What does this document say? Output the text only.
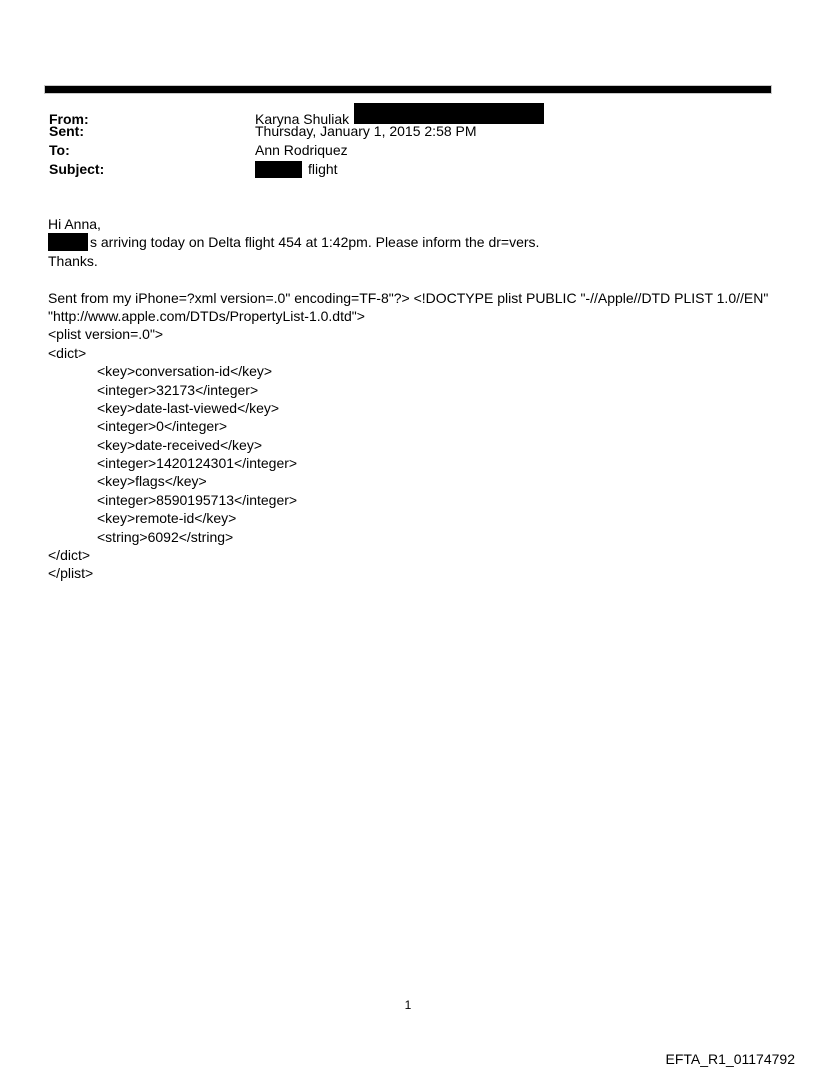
From:	Karyna Shuliak
Sent:	Thursday, January 1, 2015 2:58 PM
To:	Ann Rodriquez
Subject:	flight
Hi Anna,
s arriving today on Delta flight 454 at 1:42pm. Please inform the dr=vers.
Thanks.
Sent from my iPhone=?xml version=.0" encoding=TF-8"?> <!DOCTYPE plist PUBLIC "-//Apple//DTD PLIST 1.0//EN"
"http://www.apple.com/DTDs/PropertyList-1.0.dtd">
<plist version=.0">
<dict>
<key>conversation-id</key>
<integer>32173</integer>
<key>date-last-viewed</key>
<integer>0</integer>
<key>date-received</key>
<integer>1420124301</integer>
<key>flags</key>
<integer>8590195713</integer>
<key>remote-id</key>
<string>6092</string>
</dict>
</plist>
1
EFTA_R1_01174792
